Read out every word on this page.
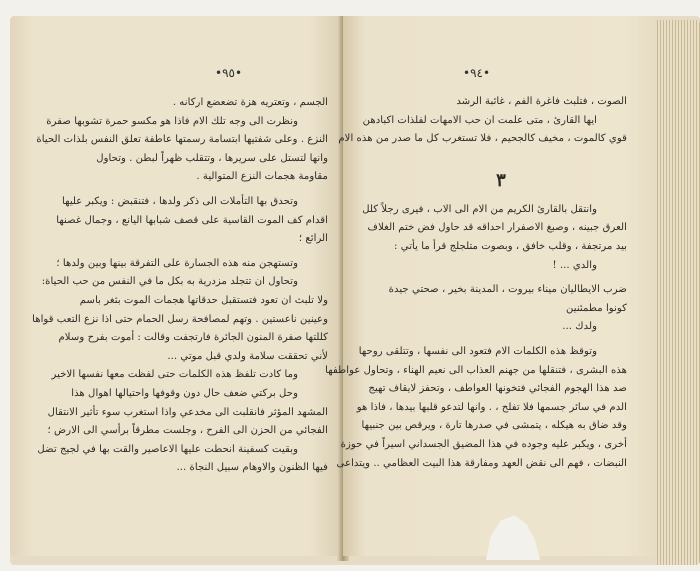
•٩٥•
الجسم ، وتعتريه هزة تضعضع اركانه .
ونظرت الى وجه تلك الام فاذا هو مكسو حمرة تشوبها صفرة
النزع . وعلى شفتيها ابتسامة رسمتها عاطفة تعلق النفس بلذات الحياة
وانها لتستل على سريرها ، وتتقلب ظهراً لبطن . وتحاول
مقاومة هجمات النزع المتوالية .
وتحدق بها التأملات الى ذكر ولدها ، فتنقبض : ويكبر عليها
اقدام كف الموت القاسية على قصف شبابها اليانع ، وجمال غصنها
الرائع ؛
وتستهجن منه هذه الجسارة على التفرقة بينها وبين ولدها ؛
وتحاول ان تتجلد مزدرية به بكل ما في النفس من حب الحياة:
ولا تلبث ان تعود فتستقبل حدقاتها هجمات الموت بثغر باسم
وعينين ناعستين . وتهم لمصافحة رسل الحمام حتى اذا نزع التعب قواها
كللتها صفرة المنون الجائرة فارتجفت وقالت : أموت بفرح وسلام
لأني تحققت سلامة ولدي قبل موتي ...
وما كادت تلفظ هذه الكلمات حتى لفظت معها نفسها الاخير
وحل بركتي ضعف حال دون وقوفها واحتيالها اهوال هذا
المشهد المؤثر فانقلبت الى مخدعي واذا استغرب سوء تأثير الانتقال
الفجائي من الحزن الى الفرح ، وجلست مطرقاً برأسي الى الارض ؛
وبقيت كسفينة انحطت عليها الاعاصير والقت بها في لجيج تضل
فيها الظنون والاوهام سبيل النجاة ...
•٩٤•
الصوت ، فتلبث فاغرة الفم ، غائبة الرشد
ايها القارئ ، متى علمت ان حب الامهات لفلذات اكبادهن
قوي كالموت ، مخيف كالجحيم ، فلا تستغرب كل ما صدر من هذه الام
٣
وانتقل بالقارئ الكريم من الام الى الاب ، فيرى رجلاً كلل
العرق جبينه ، وصبغ الاصفرار احداقه قد حاول فض ختم الغلاف
بيد مرتجفة ، وقلب خافق ، وبصوت متلجلج قرأ ما يأتي :
والدي ... !
ضرب الايطاليان ميناء بيروت ، المدينة بخير ، صحتي جيدة
كونوا مطمئنين
ولدك ...
وتوقظ هذه الكلمات الام فتعود الى نفسها ، وتتلقى روحها
هذه البشرى ، فتنقلها من جهنم العذاب الى نعيم الهناء ، وتحاول عواطفها
صد هذا الهجوم الفجائي فتخونها العواطف ، وتحفز لايقاف تهيج
الدم في سائر جسمها فلا تفلح ، . وانها لتدعو قلبها بيدها ، فاذا هو
وقد ضاق به هيكله ، يتمشى في صدرها تارة ، ويرقص بين جنبيها
أخرى ، ويكبر عليه وجوده في هذا المضيق الجسداني اسيراً في حوزة
النبضات ، فهم الى نقض العهد ومفارقة هذا البيت العظامي .. ويتداعى
